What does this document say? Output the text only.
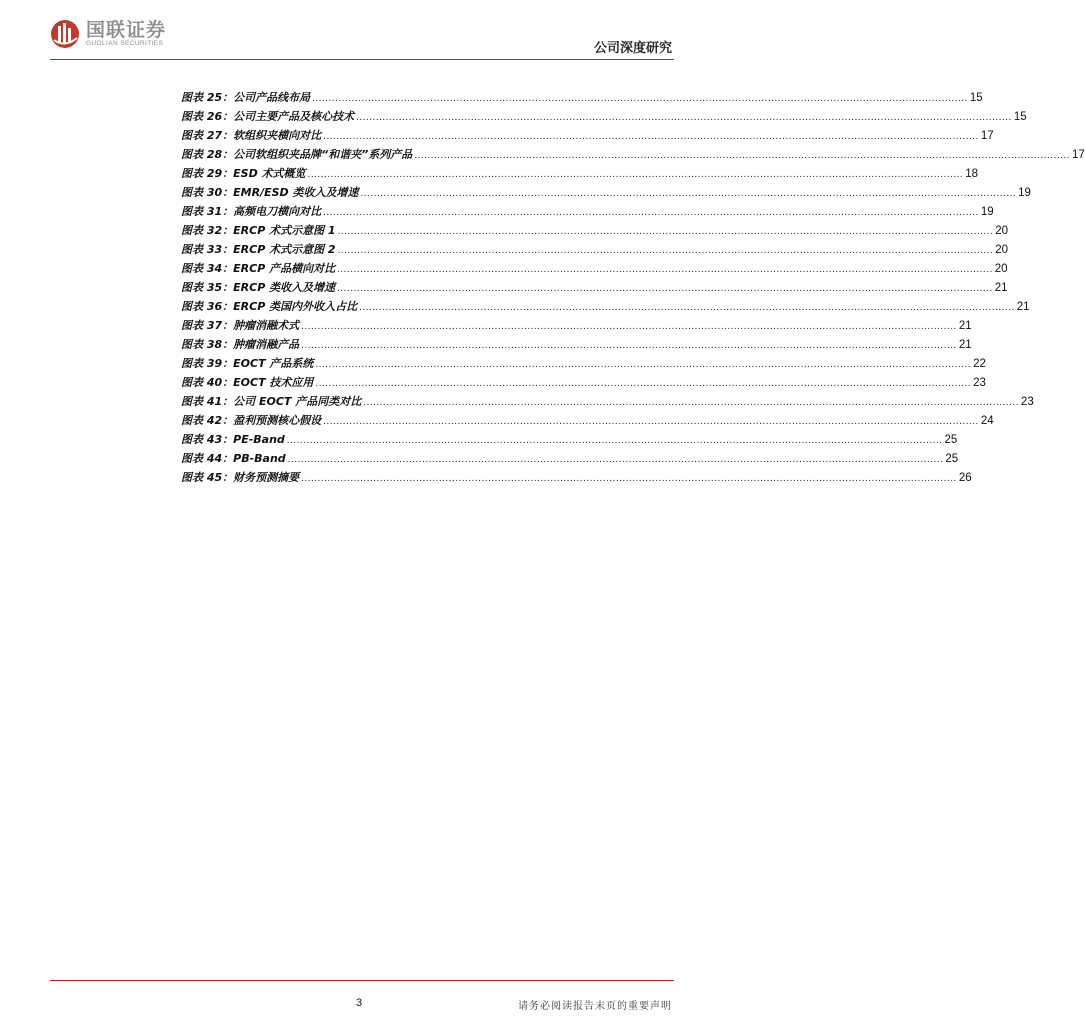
国联证券
GUOLIAN SECURITIES	公司深度研究
图表 25：公司产品线布局 ........................................................................................................................................................................................................ 15
图表 26：公司主要产品及核心技术 ........................................................................................................................................................................................................ 15
图表 27：软组织夹横向对比 ........................................................................................................................................................................................................ 17
图表 28：公司软组织夹品牌“和谐夹”系列产品 ........................................................................................................................................................................................................ 17
图表 29：ESD 术式概览 ........................................................................................................................................................................................................ 18
图表 30：EMR/ESD 类收入及增速 ........................................................................................................................................................................................................ 19
图表 31：高频电刀横向对比 ........................................................................................................................................................................................................ 19
图表 32：ERCP 术式示意图 1 ........................................................................................................................................................................................................ 20
图表 33：ERCP 术式示意图 2 ........................................................................................................................................................................................................ 20
图表 34：ERCP 产品横向对比 ........................................................................................................................................................................................................ 20
图表 35：ERCP 类收入及增速 ........................................................................................................................................................................................................ 21
图表 36：ERCP 类国内外收入占比 ........................................................................................................................................................................................................ 21
图表 37：肿瘤消融术式 ........................................................................................................................................................................................................ 21
图表 38：肿瘤消融产品 ........................................................................................................................................................................................................ 21
图表 39：EOCT 产品系统 ........................................................................................................................................................................................................ 22
图表 40：EOCT 技术应用 ........................................................................................................................................................................................................ 23
图表 41：公司 EOCT 产品同类对比 ........................................................................................................................................................................................................ 23
图表 42：盈利预测核心假设 ........................................................................................................................................................................................................ 24
图表 43：PE-Band ........................................................................................................................................................................................................ 25
图表 44：PB-Band ........................................................................................................................................................................................................ 25
图表 45：财务预测摘要 ........................................................................................................................................................................................................ 26
3	请务必阅读报告末页的重要声明
